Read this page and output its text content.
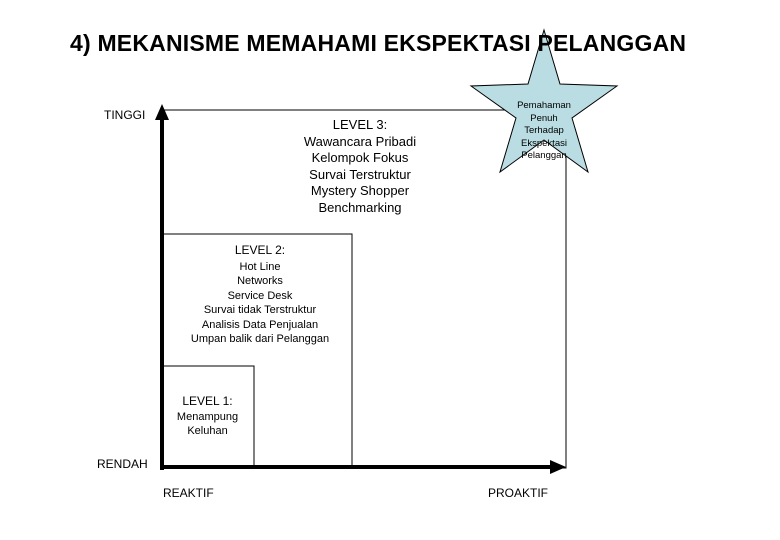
4) MEKANISME MEMAHAMI EKSPEKTASI PELANGGAN
TINGGI
RENDAH
REAKTIF	PROAKTIF
LEVEL 3:
Wawancara Pribadi
Kelompok Fokus
Survai Terstruktur
Mystery Shopper
Benchmarking
LEVEL 2:
Hot Line
Networks
Service Desk
Survai tidak Terstruktur
Analisis Data Penjualan
Umpan balik dari Pelanggan
LEVEL 1:
Menampung
Keluhan
Pemahaman
Penuh
Terhadap
Ekspektasi
Pelanggan
